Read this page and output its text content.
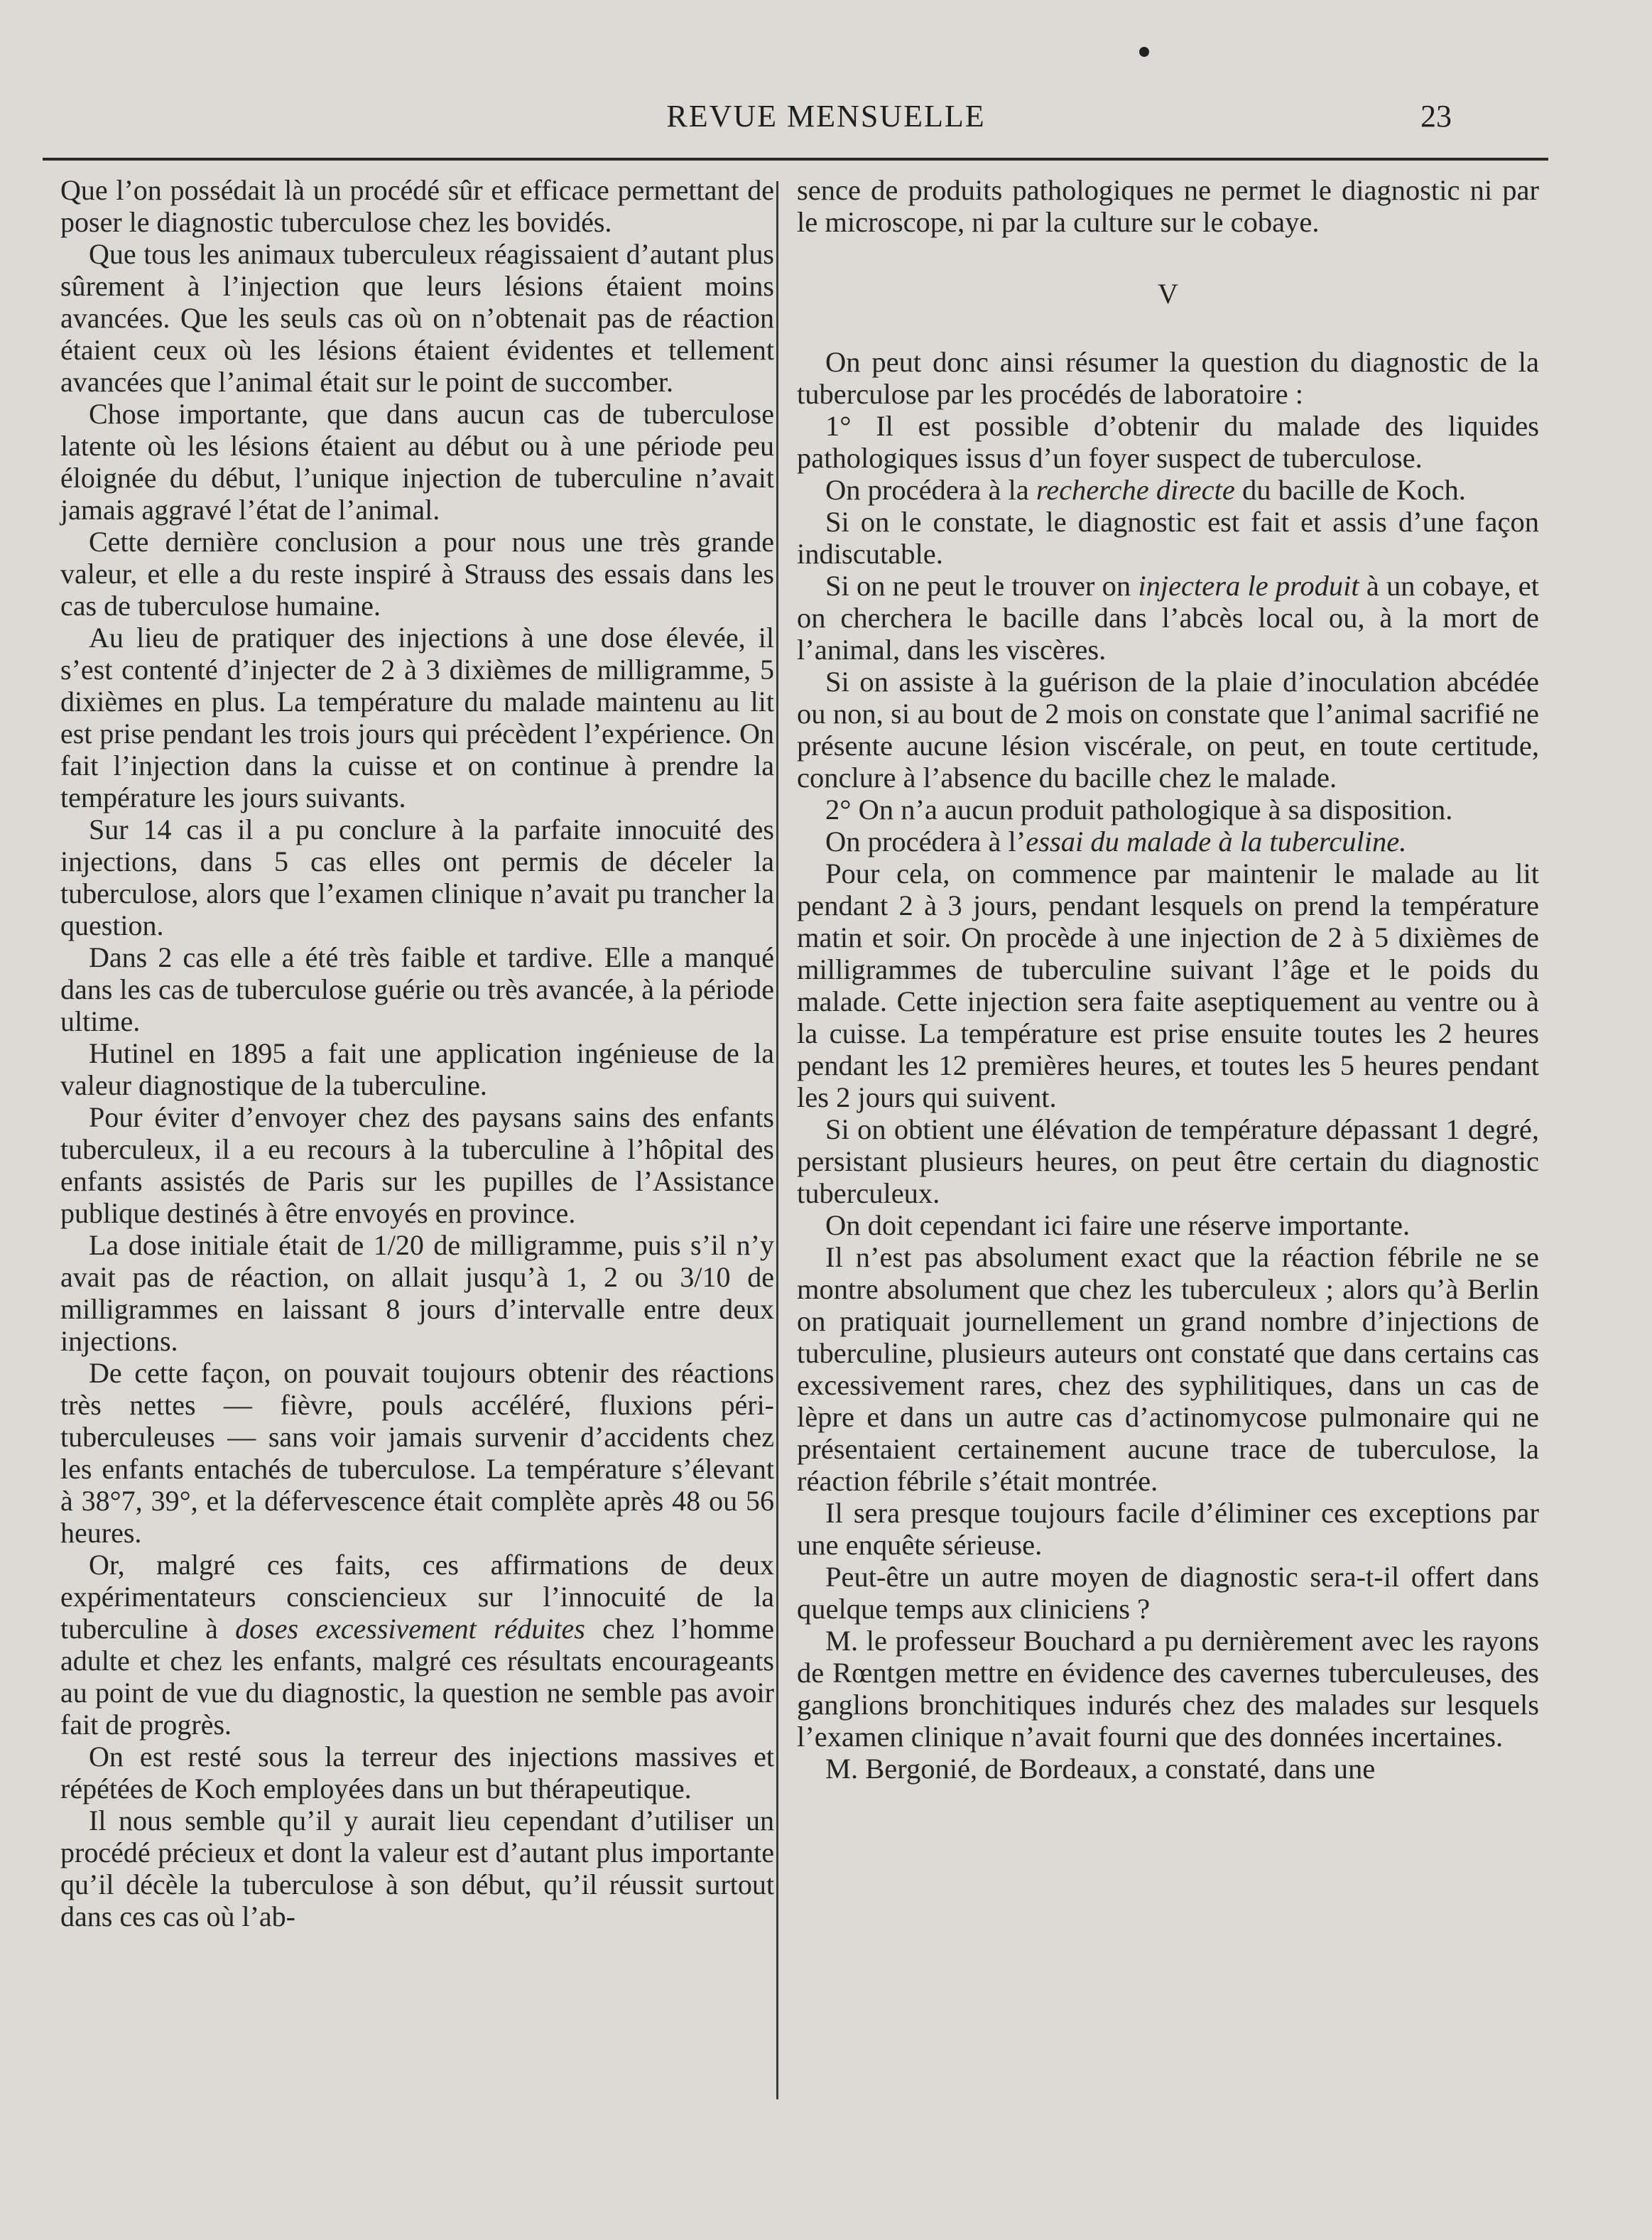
REVUE MENSUELLE	23

Que l’on possédait là un procédé sûr et efficace permettant de poser le diagnostic tuberculose chez les bovidés.

Que tous les animaux tuberculeux réagissaient d’autant plus sûrement à l’injection que leurs lésions étaient moins avancées. Que les seuls cas où on n’obtenait pas de réaction étaient ceux où les lésions étaient évidentes et tellement avancées que l’animal était sur le point de succomber.

Chose importante, que dans aucun cas de tuberculose latente où les lésions étaient au début ou à une période peu éloignée du début, l’unique injection de tuberculine n’avait jamais aggravé l’état de l’animal.

Cette dernière conclusion a pour nous une très grande valeur, et elle a du reste inspiré à Strauss des essais dans les cas de tuberculose humaine.

Au lieu de pratiquer des injections à une dose élevée, il s’est contenté d’injecter de 2 à 3 dixièmes de milligramme, 5 dixièmes en plus. La température du malade maintenu au lit est prise pendant les trois jours qui précèdent l’expérience. On fait l’injection dans la cuisse et on continue à prendre la température les jours suivants.

Sur 14 cas il a pu conclure à la parfaite innocuité des injections, dans 5 cas elles ont permis de déceler la tuberculose, alors que l’examen clinique n’avait pu trancher la question.

Dans 2 cas elle a été très faible et tardive. Elle a manqué dans les cas de tuberculose guérie ou très avancée, à la période ultime.

Hutinel en 1895 a fait une application ingénieuse de la valeur diagnostique de la tuberculine.

Pour éviter d’envoyer chez des paysans sains des enfants tuberculeux, il a eu recours à la tuberculine à l’hôpital des enfants assistés de Paris sur les pupilles de l’Assistance publique destinés à être envoyés en province.

La dose initiale était de 1/20 de milligramme, puis s’il n’y avait pas de réaction, on allait jusqu’à 1, 2 ou 3/10 de milligrammes en laissant 8 jours d’intervalle entre deux injections.

De cette façon, on pouvait toujours obtenir des réactions très nettes — fièvre, pouls accéléré, fluxions péri-tuberculeuses — sans voir jamais survenir d’accidents chez les enfants entachés de tuberculose. La température s’élevant à 38°7, 39°, et la défervescence était complète après 48 ou 56 heures.

Or, malgré ces faits, ces affirmations de deux expérimentateurs consciencieux sur l’innocuité de la tuberculine à doses excessivement réduites chez l’homme adulte et chez les enfants, malgré ces résultats encourageants au point de vue du diagnostic, la question ne semble pas avoir fait de progrès.

On est resté sous la terreur des injections massives et répétées de Koch employées dans un but thérapeutique.

Il nous semble qu’il y aurait lieu cependant d’utiliser un procédé précieux et dont la valeur est d’autant plus importante qu’il décèle la tuberculose à son début, qu’il réussit surtout dans ces cas où l’ab-

sence de produits pathologiques ne permet le diagnostic ni par le microscope, ni par la culture sur le cobaye.

V

On peut donc ainsi résumer la question du diagnostic de la tuberculose par les procédés de laboratoire :

1° Il est possible d’obtenir du malade des liquides pathologiques issus d’un foyer suspect de tuberculose.

On procédera à la recherche directe du bacille de Koch.

Si on le constate, le diagnostic est fait et assis d’une façon indiscutable.

Si on ne peut le trouver on injectera le produit à un cobaye, et on cherchera le bacille dans l’abcès local ou, à la mort de l’animal, dans les viscères.

Si on assiste à la guérison de la plaie d’inoculation abcédée ou non, si au bout de 2 mois on constate que l’animal sacrifié ne présente aucune lésion viscérale, on peut, en toute certitude, conclure à l’absence du bacille chez le malade.

2° On n’a aucun produit pathologique à sa disposition.

On procédera à l’essai du malade à la tuberculine.

Pour cela, on commence par maintenir le malade au lit pendant 2 à 3 jours, pendant lesquels on prend la température matin et soir. On procède à une injection de 2 à 5 dixièmes de milligrammes de tuberculine suivant l’âge et le poids du malade. Cette injection sera faite aseptiquement au ventre ou à la cuisse. La température est prise ensuite toutes les 2 heures pendant les 12 premières heures, et toutes les 5 heures pendant les 2 jours qui suivent.

Si on obtient une élévation de température dépassant 1 degré, persistant plusieurs heures, on peut être certain du diagnostic tuberculeux.

On doit cependant ici faire une réserve importante.

Il n’est pas absolument exact que la réaction fébrile ne se montre absolument que chez les tuberculeux ; alors qu’à Berlin on pratiquait journellement un grand nombre d’injections de tuberculine, plusieurs auteurs ont constaté que dans certains cas excessivement rares, chez des syphilitiques, dans un cas de lèpre et dans un autre cas d’actinomycose pulmonaire qui ne présentaient certainement aucune trace de tuberculose, la réaction fébrile s’était montrée.

Il sera presque toujours facile d’éliminer ces exceptions par une enquête sérieuse.

Peut-être un autre moyen de diagnostic sera-t-il offert dans quelque temps aux cliniciens ?

M. le professeur Bouchard a pu dernièrement avec les rayons de Rœntgen mettre en évidence des cavernes tuberculeuses, des ganglions bronchitiques indurés chez des malades sur lesquels l’examen clinique n’avait fourni que des données incertaines.

M. Bergonié, de Bordeaux, a constaté, dans une
